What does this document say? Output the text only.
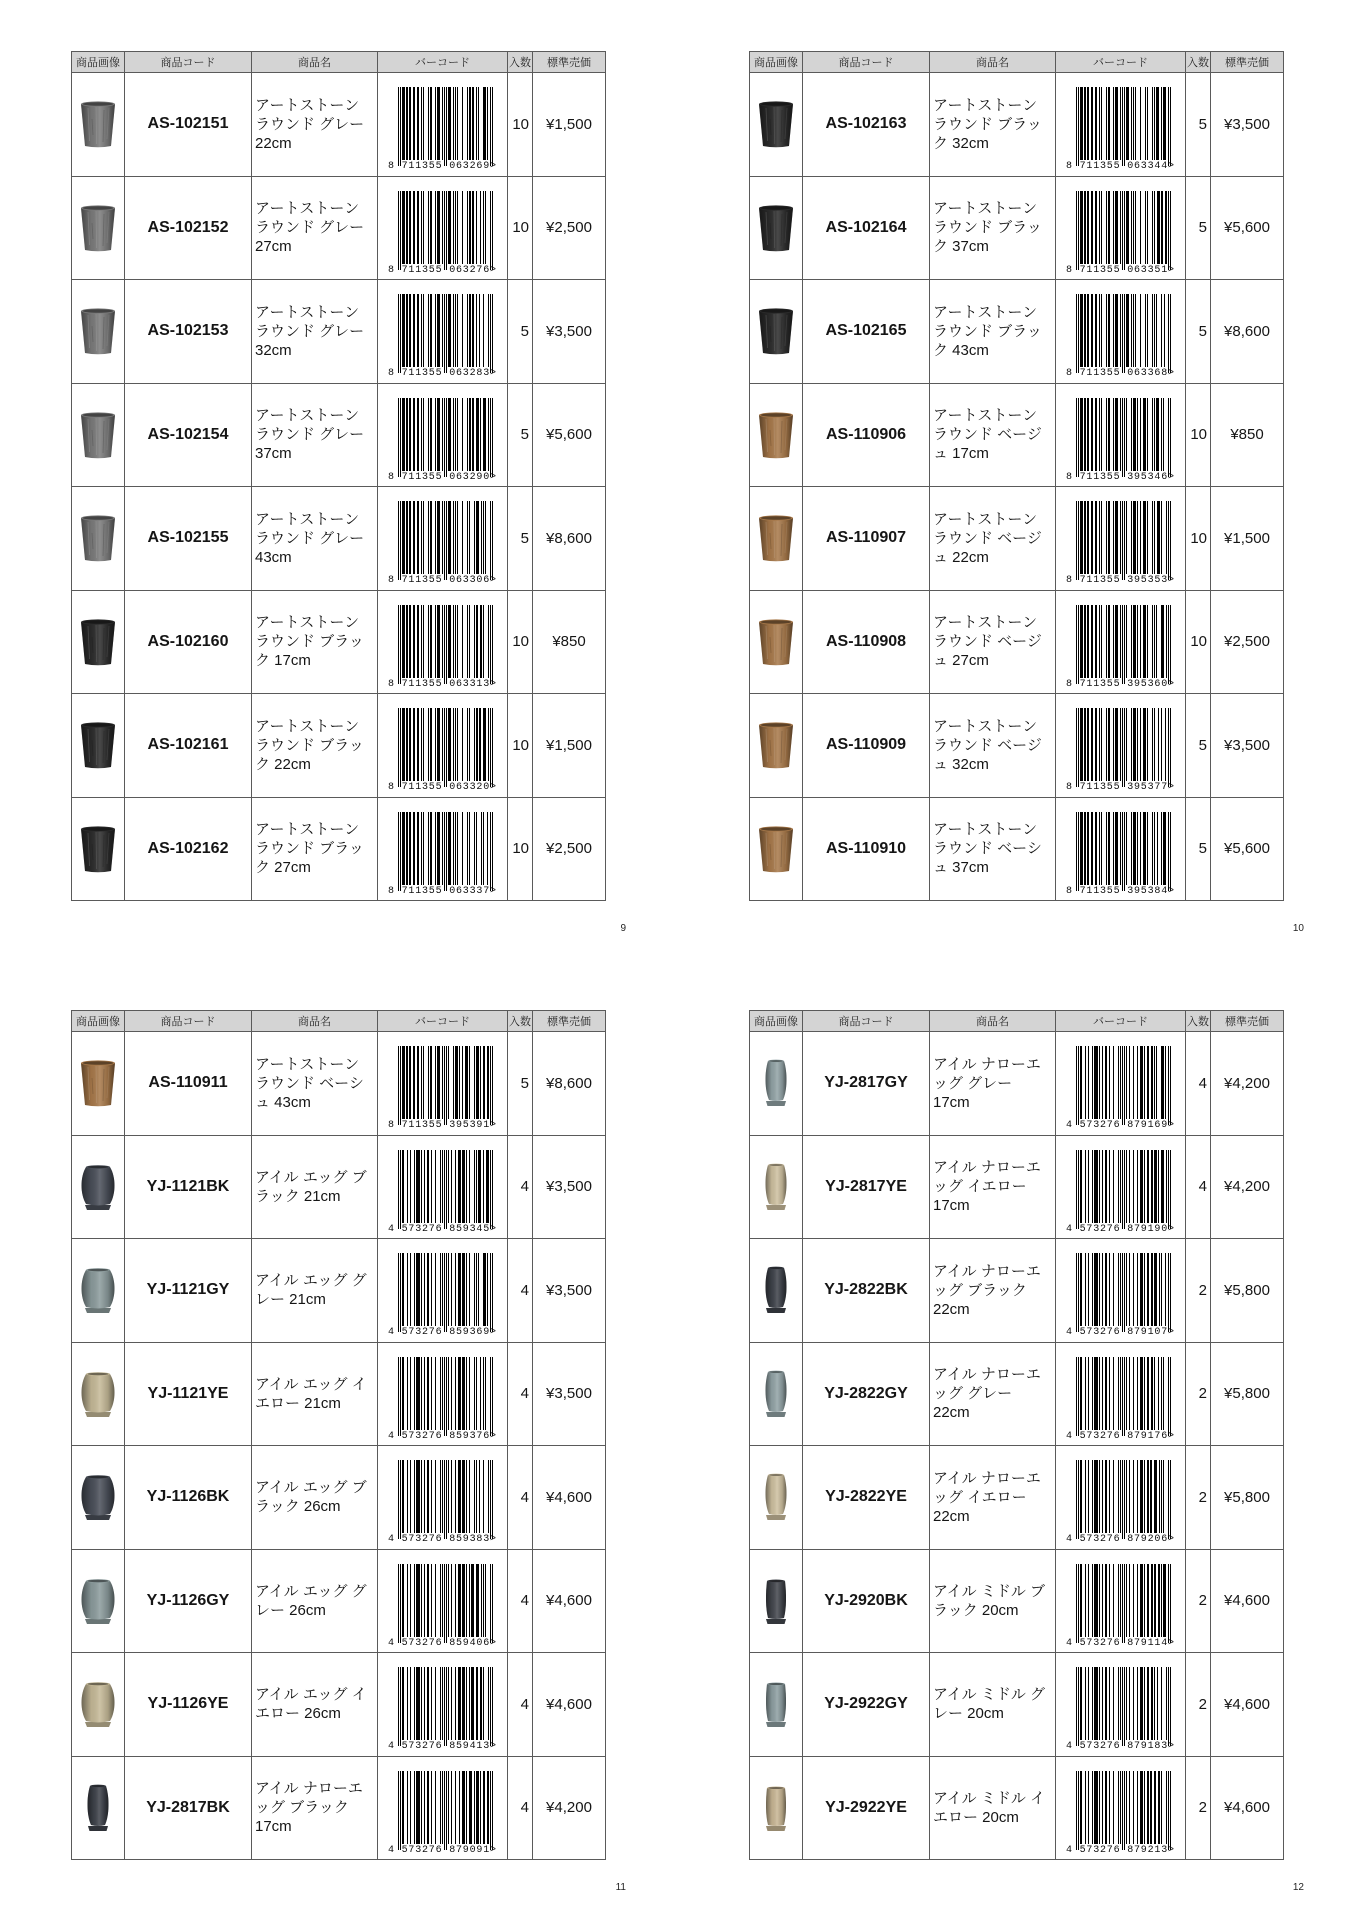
商品画像	商品コード	商品名	バーコード	入数	標準売価

	AS-102151	アートストーン ラウンド グレー 22cm	8 711355 063269>	10	¥1,500

	AS-102152	アートストーン ラウンド グレー 27cm	8 711355 063276>	10	¥2,500

	AS-102153	アートストーン ラウンド グレー 32cm	8 711355 063283>	5	¥3,500

	AS-102154	アートストーン ラウンド グレー 37cm	8 711355 063290>	5	¥5,600

	AS-102155	アートストーン ラウンド グレー 43cm	8 711355 063306>	5	¥8,600

	AS-102160	アートストーン ラウンド ブラック 17cm	8 711355 063313>	10	¥850

	AS-102161	アートストーン ラウンド ブラック 22cm	8 711355 063320>	10	¥1,500

	AS-102162	アートストーン ラウンド ブラック 27cm	8 711355 063337>	10	¥2,500
9
商品画像	商品コード	商品名	バーコード	入数	標準売価

	AS-102163	アートストーン ラウンド ブラック 32cm	8 711355 063344>	5	¥3,500

	AS-102164	アートストーン ラウンド ブラック 37cm	8 711355 063351>	5	¥5,600

	AS-102165	アートストーン ラウンド ブラック 43cm	8 711355 063368>	5	¥8,600

	AS-110906	アートストーン ラウンド ベージュ 17cm	8 711355 395346>	10	¥850

	AS-110907	アートストーン ラウンド ベージュ 22cm	8 711355 395353>	10	¥1,500

	AS-110908	アートストーン ラウンド ベージュ 27cm	8 711355 395360>	10	¥2,500

	AS-110909	アートストーン ラウンド ベージュ 32cm	8 711355 395377>	5	¥3,500

	AS-110910	アートストーン ラウンド ベーシュ 37cm	8 711355 395384>	5	¥5,600
10
商品画像	商品コード	商品名	バーコード	入数	標準売価

	AS-110911	アートストーン ラウンド ベーシュ 43cm	8 711355 395391>	5	¥8,600

	YJ-1121BK	アイル エッグ ブラック 21cm	4 573276 859345>	4	¥3,500

	YJ-1121GY	アイル エッグ グレー 21cm	4 573276 859369>	4	¥3,500

	YJ-1121YE	アイル エッグ イエロー 21cm	4 573276 859376>	4	¥3,500

	YJ-1126BK	アイル エッグ ブラック 26cm	4 573276 859383>	4	¥4,600

	YJ-1126GY	アイル エッグ グレー 26cm	4 573276 859406>	4	¥4,600

	YJ-1126YE	アイル エッグ イエロー 26cm	4 573276 859413>	4	¥4,600

	YJ-2817BK	アイル ナローエッグ ブラック 17cm	4 573276 879091>	4	¥4,200
11
商品画像	商品コード	商品名	バーコード	入数	標準売価

	YJ-2817GY	アイル ナローエッグ グレー 17cm	4 573276 879169>	4	¥4,200

	YJ-2817YE	アイル ナローエッグ イエロー 17cm	4 573276 879190>	4	¥4,200

	YJ-2822BK	アイル ナローエッグ ブラック 22cm	4 573276 879107>	2	¥5,800

	YJ-2822GY	アイル ナローエッグ グレー 22cm	4 573276 879176>	2	¥5,800

	YJ-2822YE	アイル ナローエッグ イエロー 22cm	4 573276 879206>	2	¥5,800

	YJ-2920BK	アイル ミドル ブラック 20cm	4 573276 879114>	2	¥4,600

	YJ-2922GY	アイル ミドル グレー 20cm	4 573276 879183>	2	¥4,600

	YJ-2922YE	アイル ミドル イエロー 20cm	4 573276 879213>	2	¥4,600
12
